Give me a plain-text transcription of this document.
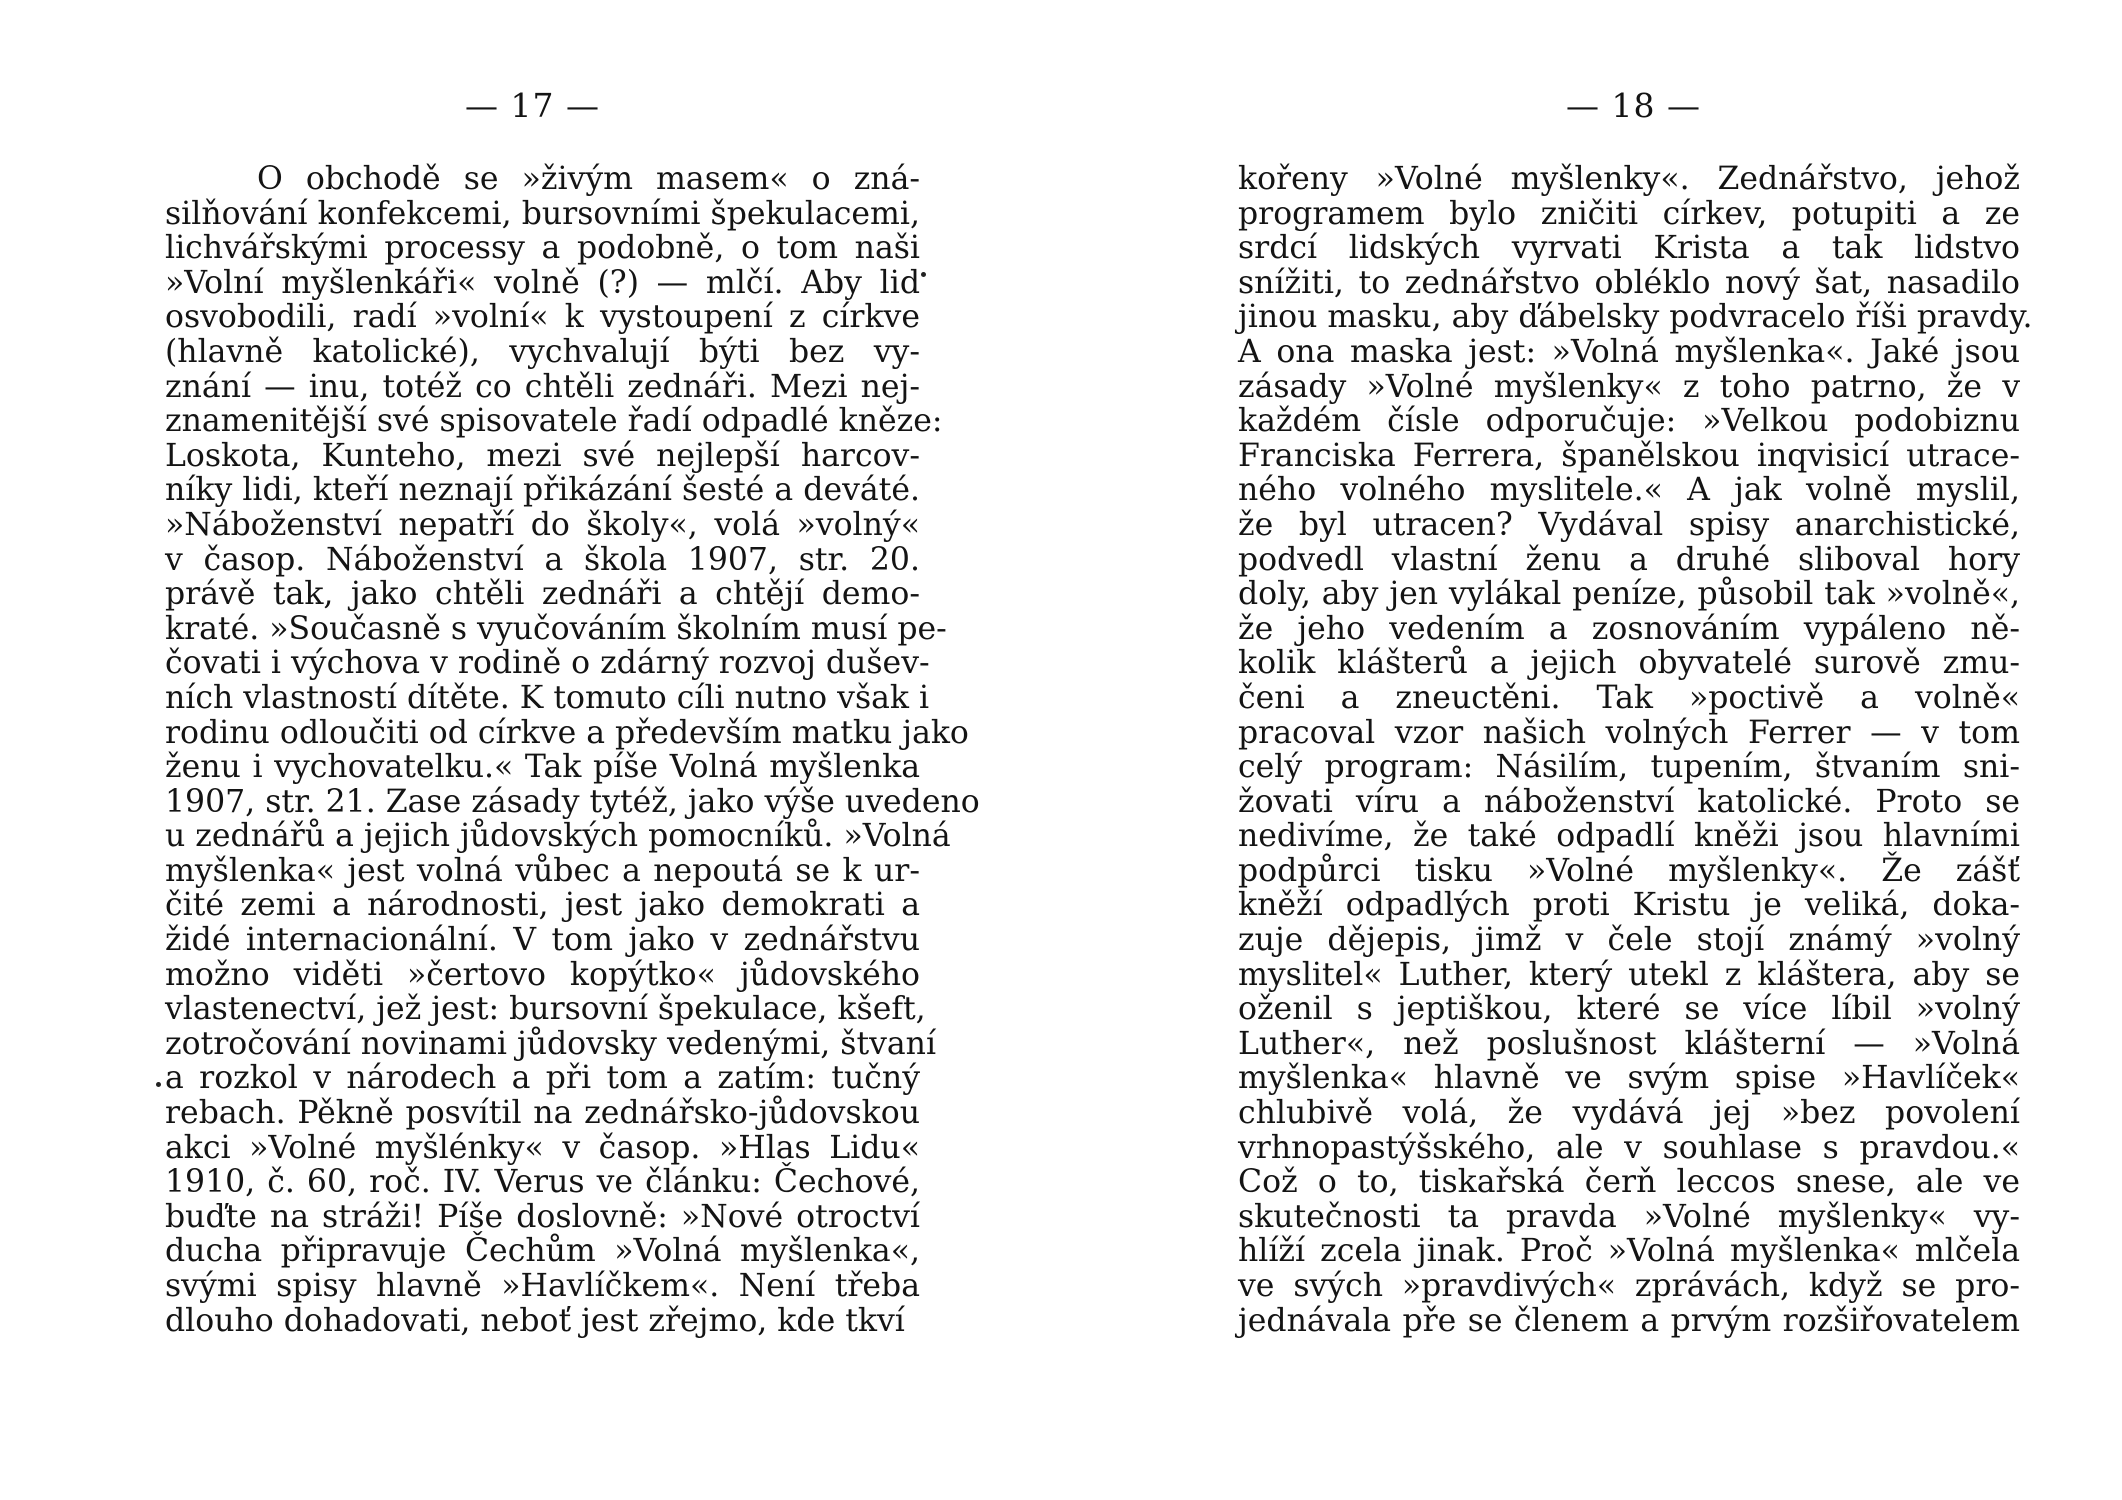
— 17 —
O obchodě se »živým masem« o zná-
silňování konfekcemi, bursovními špekulacemi,
lichvářskými processy a podobně, o tom naši
»Volní myšlenkáři« volně (?) — mlčí. Aby lid
osvobodili, radí »volní« k vystoupení z církve
(hlavně katolické), vychvalují býti bez vy-
znání — inu, totéž co chtěli zednáři. Mezi nej-
znamenitější své spisovatele řadí odpadlé kněze:
Loskota, Kunteho, mezi své nejlepší harcov-
níky lidi, kteří neznají přikázání šesté a deváté.
»Náboženství nepatří do školy«, volá »volný«
v časop. Náboženství a škola 1907, str. 20.
právě tak, jako chtěli zednáři a chtějí demo-
kraté. »Současně s vyučováním školním musí pe-
čovati i výchova v rodině o zdárný rozvoj dušev-
ních vlastností dítěte. K tomuto cíli nutno však i
rodinu odloučiti od církve a především matku jako
ženu i vychovatelku.« Tak píše Volná myšlenka
1907, str. 21. Zase zásady tytéž, jako výše uvedeno
u zednářů a jejich jůdovských pomocníků. »Volná
myšlenka« jest volná vůbec a nepoutá se k ur-
čité zemi a národnosti, jest jako demokrati a
židé internacionální. V tom jako v zednářstvu
možno viděti »čertovo kopýtko« jůdovského
vlastenectví, jež jest: bursovní špekulace, kšeft,
zotročování novinami jůdovsky vedenými, štvaní
a rozkol v národech a při tom a zatím: tučný
rebach. Pěkně posvítil na zednářsko-jůdovskou
akci »Volné myšlénky« v časop. »Hlas Lidu«
1910, č. 60, roč. IV. Verus ve článku: Čechové,
buďte na stráži! Píše doslovně: »Nové otroctví
ducha připravuje Čechům »Volná myšlenka«,
svými spisy hlavně »Havlíčkem«. Není třeba
dlouho dohadovati, neboť jest zřejmo, kde tkví
— 18 —
kořeny »Volné myšlenky«. Zednářstvo, jehož
programem bylo zničiti církev, potupiti a ze
srdcí lidských vyrvati Krista a tak lidstvo
snížiti, to zednářstvo obléklo nový šat, nasadilo
jinou masku, aby ďábelsky podvracelo říši pravdy.
A ona maska jest: »Volná myšlenka«. Jaké jsou
zásady »Volné myšlenky« z toho patrno, že v
každém čísle odporučuje: »Velkou podobiznu
Franciska Ferrera, španělskou inqvisicí utrace-
ného volného myslitele.« A jak volně myslil,
že byl utracen? Vydával spisy anarchistické,
podvedl vlastní ženu a druhé sliboval hory
doly, aby jen vylákal peníze, působil tak »volně«,
že jeho vedením a zosnováním vypáleno ně-
kolik klášterů a jejich obyvatelé surově zmu-
čeni a zneuctěni. Tak »poctivě a volně«
pracoval vzor našich volných Ferrer — v tom
celý program: Násilím, tupením, štvaním sni-
žovati víru a náboženství katolické. Proto se
nedivíme, že také odpadlí kněži jsou hlavními
podpůrci tisku »Volné myšlenky«. Že zášť
kněží odpadlých proti Kristu je veliká, doka-
zuje dějepis, jimž v čele stojí známý »volný
myslitel« Luther, který utekl z kláštera, aby se
oženil s jeptiškou, které se více líbil »volný
Luther«, než poslušnost klášterní — »Volná
myšlenka« hlavně ve svým spise »Havlíček«
chlubivě volá, že vydává jej »bez povolení
vrhnopastýšského, ale v souhlase s pravdou.«
Což o to, tiskařská čerň leccos snese, ale ve
skutečnosti ta pravda »Volné myšlenky« vy-
hlíží zcela jinak. Proč »Volná myšlenka« mlčela
ve svých »pravdivých« zprávách, když se pro-
jednávala pře se členem a prvým rozšiřovatelem
